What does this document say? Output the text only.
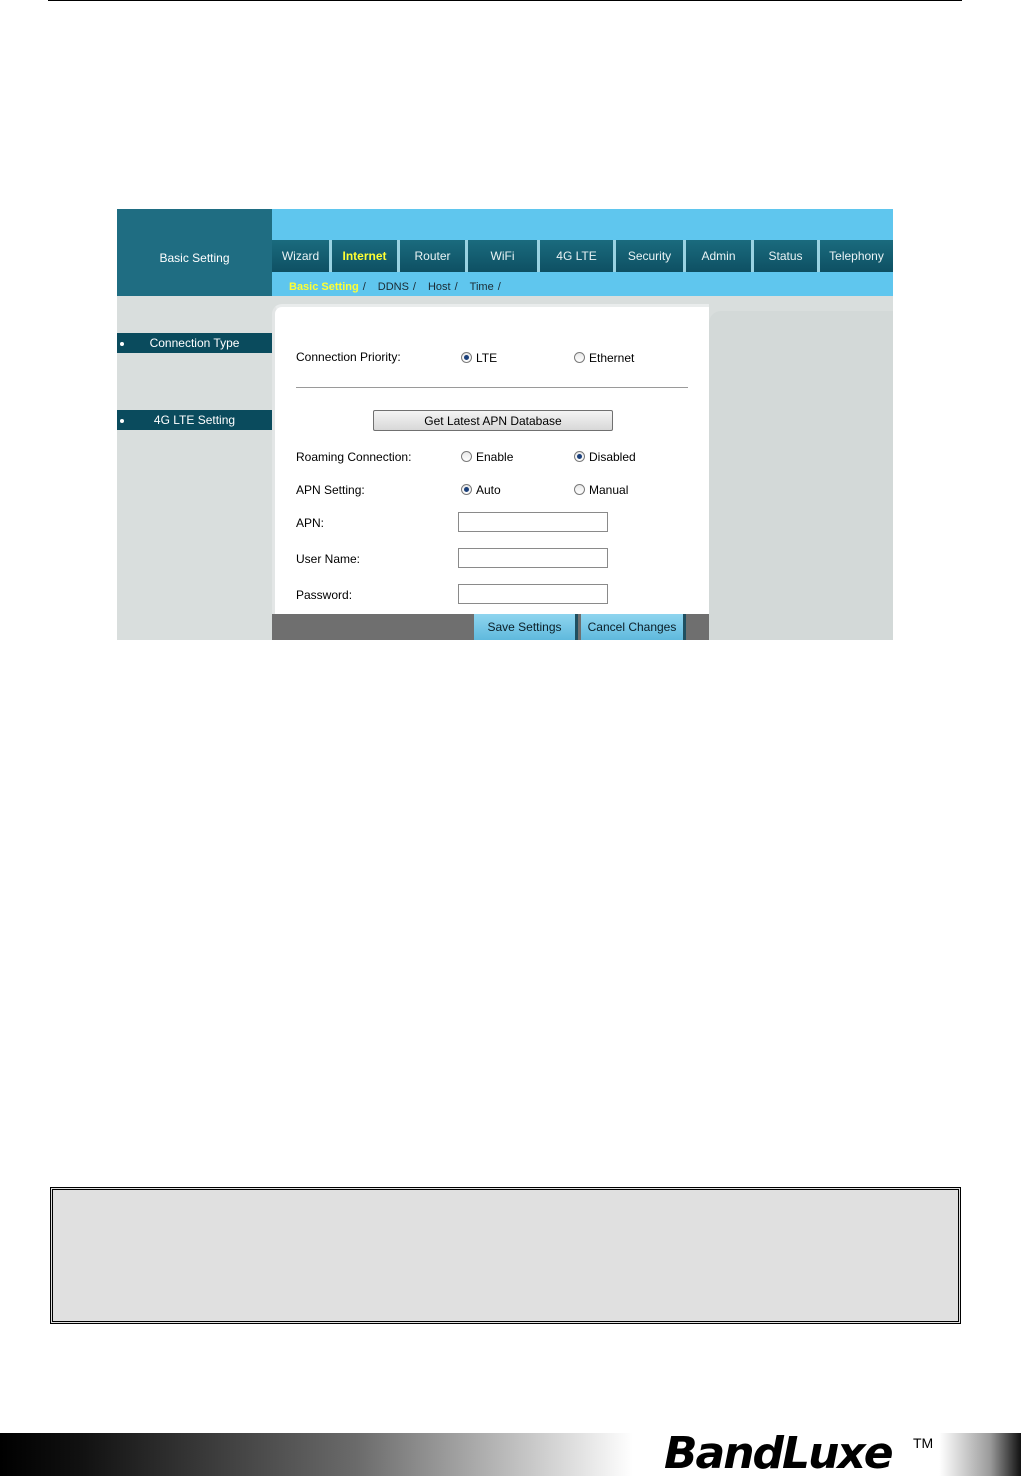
Basic Setting	Wizard	Internet	Router	WiFi	4G LTE	Security	Admin	Status	Telephony
Basic Setting / DDNS / Host / Time /
Connection Type
4G LTE Setting
Connection Priority:	LTE	Ethernet
Get Latest APN Database
Roaming Connection:	Enable	Disabled
APN Setting:	Auto	Manual
APN:
User Name:
Password:
Save Settings	Cancel Changes
BandLuxe TM
